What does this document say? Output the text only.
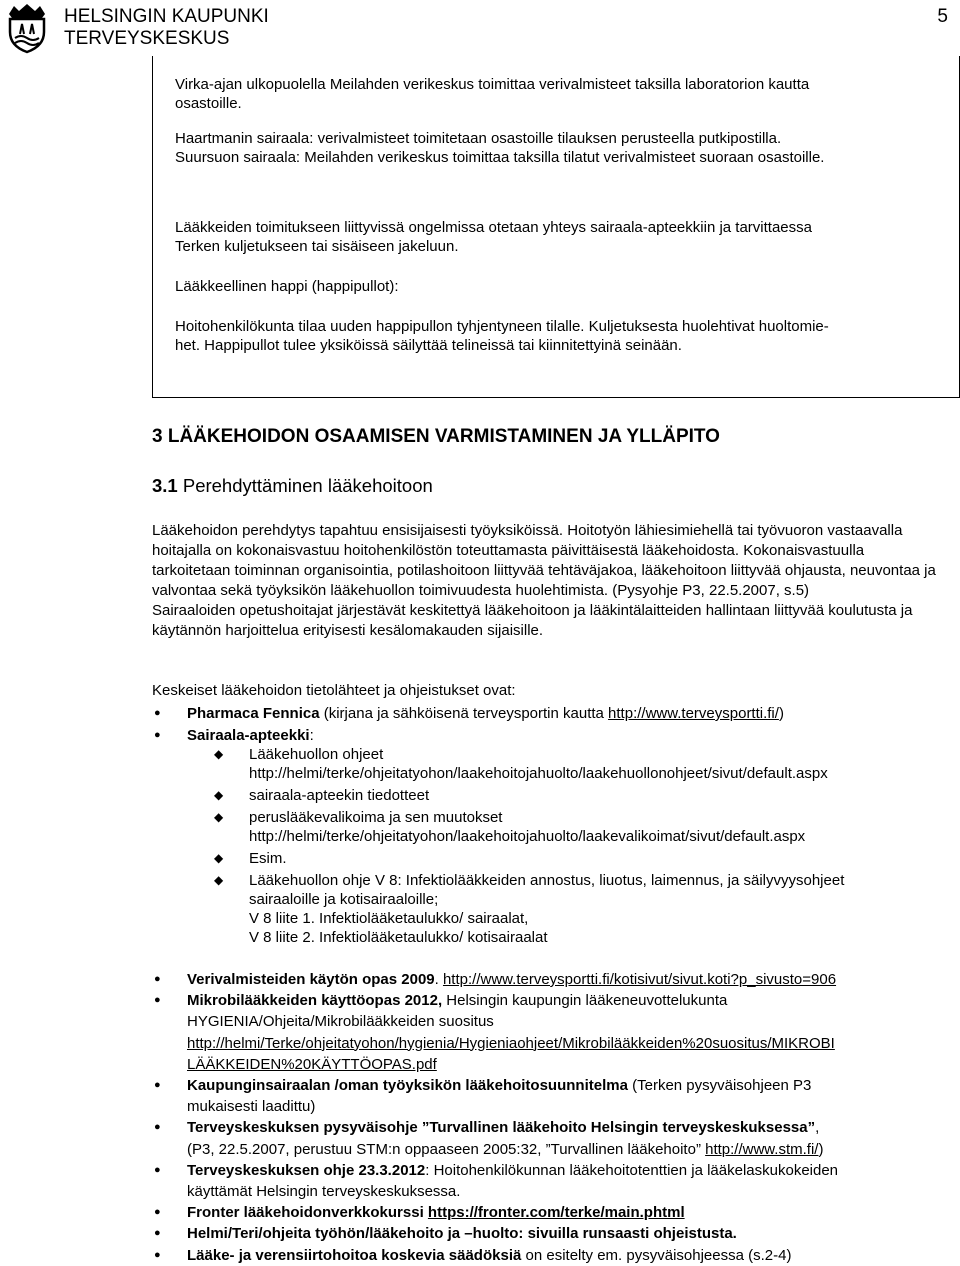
HELSINGIN KAUPUNKI
TERVEYSKESKUS
5
Virka-ajan ulkopuolella Meilahden verikeskus toimittaa verivalmisteet taksilla laboratorion kautta
osastoille.
Haartmanin sairaala: verivalmisteet toimitetaan osastoille tilauksen perusteella putkipostilla.
Suursuon sairaala: Meilahden verikeskus toimittaa taksilla tilatut verivalmisteet suoraan osastoille.
Lääkkeiden toimitukseen liittyvissä ongelmissa otetaan yhteys sairaala-apteekkiin ja tarvittaessa
Terken kuljetukseen tai sisäiseen jakeluun.
Lääkkeellinen happi (happipullot):
Hoitohenkilökunta tilaa uuden happipullon tyhjentyneen tilalle. Kuljetuksesta huolehtivat huoltomie-
het. Happipullot tulee yksiköissä säilyttää telineissä tai kiinnitettyinä seinään.
3 LÄÄKEHOIDON OSAAMISEN VARMISTAMINEN JA YLLÄPITO
3.1 Perehdyttäminen lääkehoitoon

Lääkehoidon perehdytys tapahtuu ensisijaisesti työyksiköissä. Hoitotyön lähiesimiehellä tai työvuoron vastaavalla hoitajalla on kokonaisvastuu hoitohenkilöstön toteuttamasta päivittäisestä lääkehoidosta. Kokonaisvastuulla tarkoitetaan toiminnan organisointia, potilashoitoon liittyvää tehtäväjakoa, lääkehoitoon liittyvää ohjausta, neuvontaa ja valvontaa sekä työyksikön lääkehuollon toimivuudesta huolehtimista. (Pysyohje P3, 22.5.2007, s.5)

Sairaaloiden opetushoitajat järjestävät keskitettyä lääkehoitoon ja lääkintälaitteiden hallintaan liittyvää koulutusta ja käytännön harjoittelua erityisesti kesälomakauden sijaisille.

Keskeiset lääkehoidon tietolähteet ja ohjeistukset ovat:
● Pharmaca Fennica (kirjana ja sähköisenä terveysportin kautta http://www.terveysportti.fi/)
● Sairaala-apteekki:
◆ Lääkehuollon ohjeet
http://helmi/terke/ohjeitatyohon/laakehoitojahuolto/laakehuollonohjeet/sivut/default.aspx
◆ sairaala-apteekin tiedotteet
◆ peruslääkevalikoima ja sen muutokset
http://helmi/terke/ohjeitatyohon/laakehoitojahuolto/laakevalikoimat/sivut/default.aspx
◆ Esim.
◆ Lääkehuollon ohje V 8: Infektiolääkkeiden annostus, liuotus, laimennus, ja säilyvyysohjeet
sairaaloille ja kotisairaaloille;
V 8 liite 1. Infektiolääketaulukko/ sairaalat,
V 8 liite 2. Infektiolääketaulukko/ kotisairaalat
● Verivalmisteiden käytön opas 2009. http://www.terveysportti.fi/kotisivut/sivut.koti?p_sivusto=906
● Mikrobilääkkeiden käyttöopas 2012, Helsingin kaupungin lääkeneuvottelukunta
HYGIENIA/Ohjeita/Mikrobilääkkeiden suositus
http://helmi/Terke/ohjeitatyohon/hygienia/Hygieniaohjeet/Mikrobilääkkeiden%20suositus/MIKROBI
LÄÄKKEIDEN%20KÄYTTÖOPAS.pdf
● Kaupunginsairaalan /oman työyksikön lääkehoitosuunnitelma (Terken pysyväisohjeen P3
mukaisesti laadittu)
● Terveyskeskuksen pysyväisohje ”Turvallinen lääkehoito Helsingin terveyskeskuksessa”,
(P3, 22.5.2007, perustuu STM:n oppaaseen 2005:32, ”Turvallinen lääkehoito” http://www.stm.fi/)
● Terveyskeskuksen ohje 23.3.2012: Hoitohenkilökunnan lääkehoitotenttien ja lääkelaskukokeiden
käyttämät Helsingin terveyskeskuksessa.
● Fronter lääkehoidonverkkokurssi https://fronter.com/terke/main.phtml
● Helmi/Teri/ohjeita työhön/lääkehoito ja –huolto: sivuilla runsaasti ohjeistusta.
● Lääke- ja verensiirtohoitoa koskevia säädöksiä on esitelty em. pysyväisohjeessa (s.2-4)
